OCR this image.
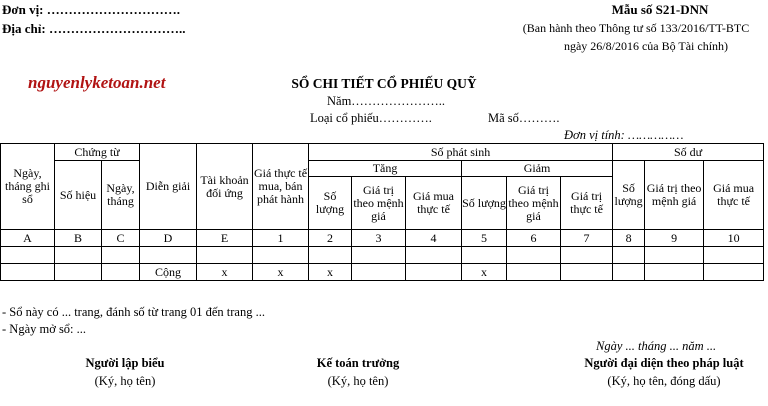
Đơn vị: ………………………….
Địa chỉ: …………………………..
Mẫu số S21-DNN
(Ban hành theo Thông tư số 133/2016/TT-BTC
ngày 26/8/2016 của Bộ Tài chính)
nguyenlyketoan.net	SỔ CHI TIẾT CỔ PHIẾU QUỸ
Năm…………………..
Loại cổ phiếu………….	Mã số……….
Đơn vị tính: ……………
Ngày, tháng ghi sổ	Chứng từ		Diễn giải	Tài khoản đối ứng	Giá thực tế mua, bán phát hành	Số phát sinh						Số dư		
	Số hiệu	Ngày, tháng				Tăng			Giảm			Số lượng	Giá trị theo mệnh giá	Giá mua thực tế
						Số lượng	Giá trị theo mệnh giá	Giá mua thực tế	Số lượng	Giá trị theo mệnh giá	Giá trị thực tế			
A	B	C	D	E	1	2	3	4	5	6	7	8	9	10

			Cộng	x	x	x			x					
- Sổ này có ... trang, đánh số từ trang 01 đến trang ...
- Ngày mở sổ: ...
Ngày ... tháng ... năm ...
Người lập biểu
(Ký, họ tên)
Kế toán trưởng
(Ký, họ tên)
Người đại diện theo pháp luật
(Ký, họ tên, đóng dấu)
